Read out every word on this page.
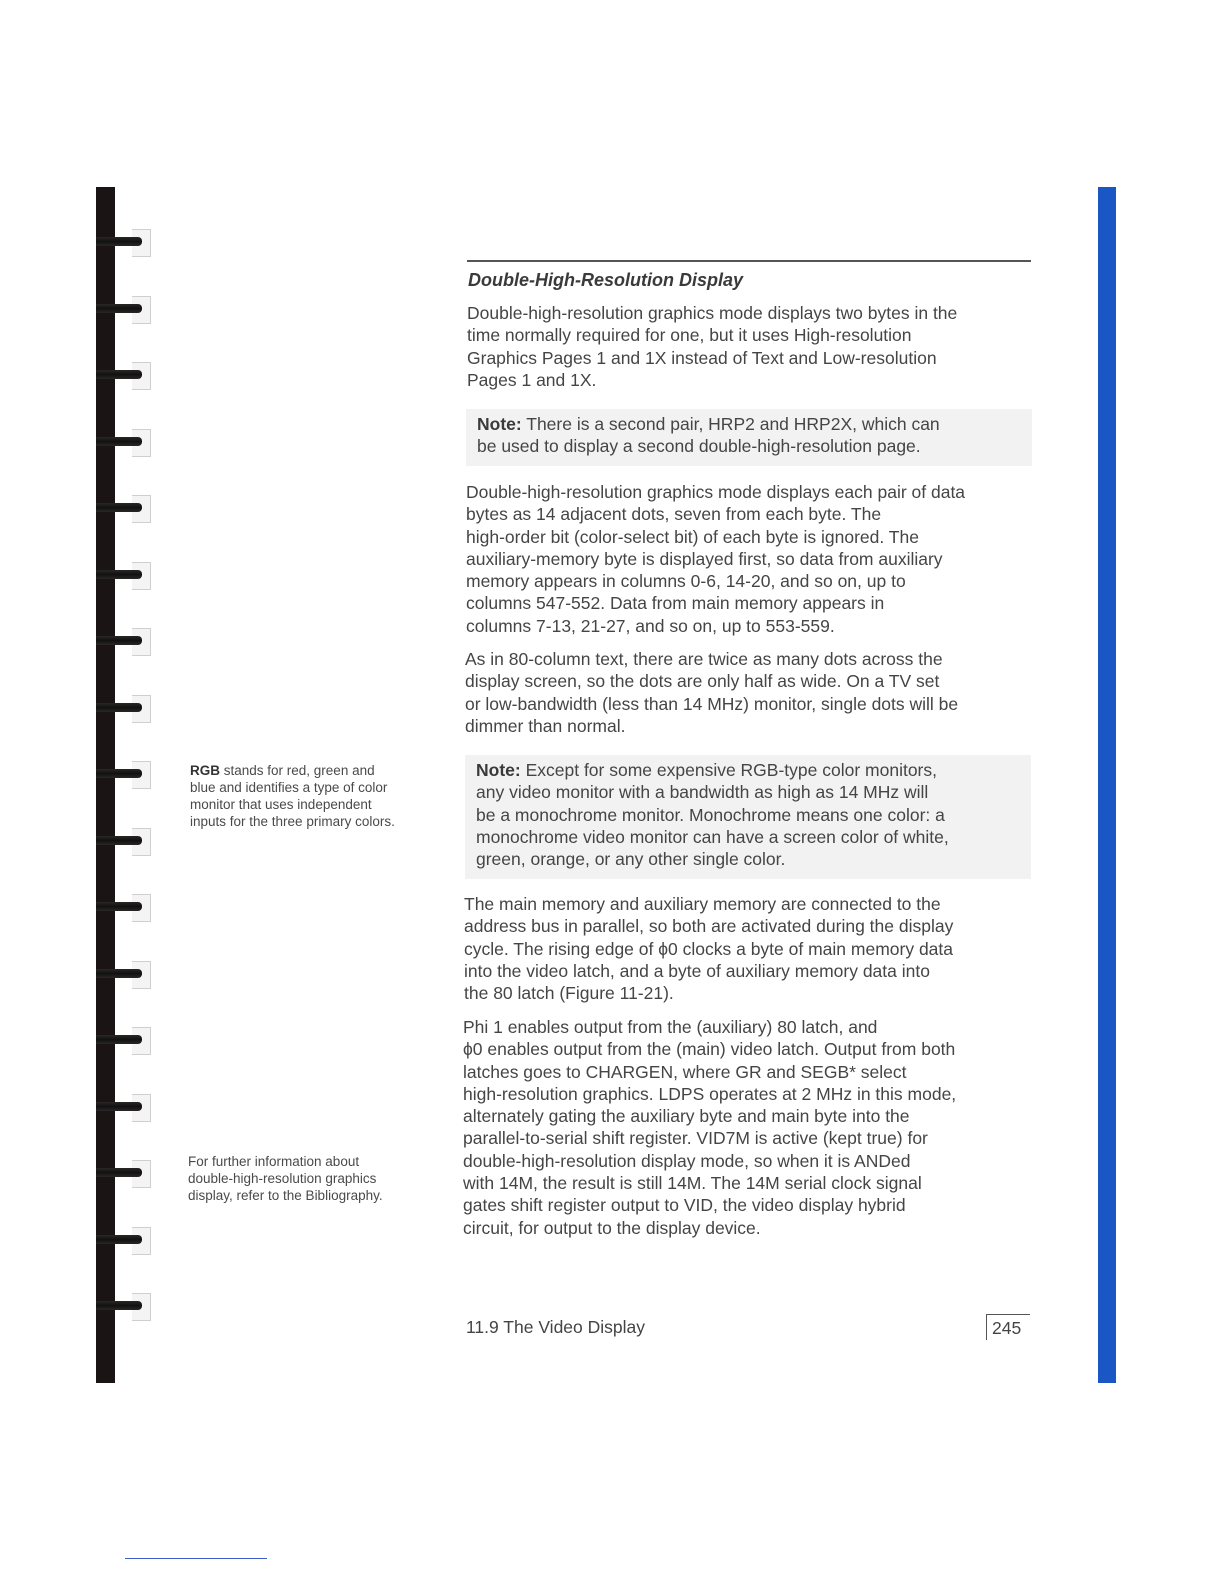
Double-High-Resolution Display

Double-high-resolution graphics mode displays two bytes in the
time normally required for one, but it uses High-resolution
Graphics Pages 1 and 1X instead of Text and Low-resolution
Pages 1 and 1X.

Note: There is a second pair, HRP2 and HRP2X, which can
be used to display a second double-high-resolution page.

Double-high-resolution graphics mode displays each pair of data
bytes as 14 adjacent dots, seven from each byte. The
high-order bit (color-select bit) of each byte is ignored. The
auxiliary-memory byte is displayed first, so data from auxiliary
memory appears in columns 0-6, 14-20, and so on, up to
columns 547-552. Data from main memory appears in
columns 7-13, 21-27, and so on, up to 553-559.

As in 80-column text, there are twice as many dots across the
display screen, so the dots are only half as wide. On a TV set
or low-bandwidth (less than 14 MHz) monitor, single dots will be
dimmer than normal.

RGB stands for red, green and
blue and identifies a type of color
monitor that uses independent
inputs for the three primary colors.
Note: Except for some expensive RGB-type color monitors,
any video monitor with a bandwidth as high as 14 MHz will
be a monochrome monitor. Monochrome means one color: a
monochrome video monitor can have a screen color of white,
green, orange, or any other single color.

The main memory and auxiliary memory are connected to the
address bus in parallel, so both are activated during the display
cycle. The rising edge of ϕ0 clocks a byte of main memory data
into the video latch, and a byte of auxiliary memory data into
the 80 latch (Figure 11-21).

Phi 1 enables output from the (auxiliary) 80 latch, and
ϕ0 enables output from the (main) video latch. Output from both
latches goes to CHARGEN, where GR and SEGB* select
high-resolution graphics. LDPS operates at 2 MHz in this mode,
alternately gating the auxiliary byte and main byte into the
parallel-to-serial shift register. VID7M is active (kept true) for
double-high-resolution display mode, so when it is ANDed
with 14M, the result is still 14M. The 14M serial clock signal
gates shift register output to VID, the video display hybrid
circuit, for output to the display device.

For further information about
double-high-resolution graphics
display, refer to the Bibliography.
11.9 The Video Display	245
